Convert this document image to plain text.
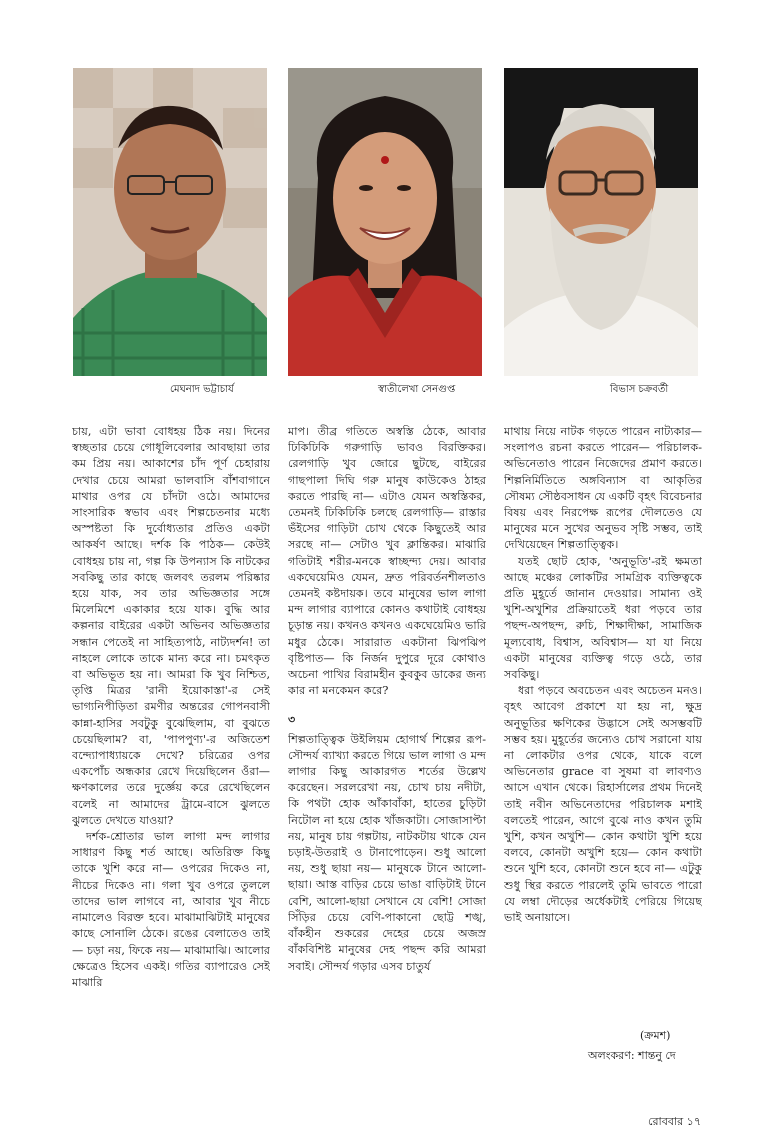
মেঘনাদ ভট্টাচার্য	স্বাতীলেখা সেনগুপ্ত	বিভাস চক্রবর্তী

চায়, এটা ভাবা বোধহয় ঠিক নয়। দিনের স্বচ্ছতার চেয়ে গোধূলিবেলার আবছায়া তার কম প্রিয় নয়। আকাশের চাঁদ পূর্ণ চেহারায় দেখার চেয়ে আমরা ভালবাসি বাঁশবাগানে মাথার ওপর যে চাঁদটা ওঠে। আমাদের সাংসারিক স্বভাব এবং শিল্পচেতনার মধ্যে অস্পষ্টতা কি দুর্বোধ্যতার প্রতিও একটা আকর্ষণ আছে। দর্শক কি পাঠক— কেউই বোধহয় চায় না, গল্প কি উপন্যাস কি নাটকের সবকিছু তার কাছে জলবৎ তরলম পরিষ্কার হয়ে যাক, সব তার অভিজ্ঞতার সঙ্গে মিলেমিশে একাকার হয়ে যাক। বুদ্ধি আর কল্পনার বাইরের একটা অভিনব অভিজ্ঞতার সন্ধান পেতেই না সাহিত্যপাঠ, নাট্যদর্শন! তা নাহলে লোকে তাকে মান্য করে না। চমৎকৃত বা অভিভূত হয় না। আমরা কি খুব নিশ্চিত, তৃপ্তি মিত্রর 'রানী ইয়োকাস্তা'-র সেই ভাগ্যনিপীড়িতা রমণীর অন্তরের গোপনবাসী কান্না-হাসির সবটুকু বুঝেছিলাম, বা বুঝতে চেয়েছিলাম? বা, 'পাপপুণ্য'-র অজিতেশ বন্দ্যোপাধ্যায়কে দেখে? চরিত্রের ওপর একপোঁচ অন্ধকার রেখে দিয়েছিলেন ওঁরা— ক্ষণকালের তরে দুর্জ্ঞেয় করে রেখেছিলেন বলেই না আমাদের ট্রামে-বাসে ঝুলতে ঝুলতে দেখতে যাওয়া?

দর্শক-শ্রোতার ভাল লাগা মন্দ লাগার সাধারণ কিছু শর্ত আছে। অতিরিক্ত কিছু তাকে খুশি করে না— ওপরের দিকেও না, নীচের দিকেও না। গলা খুব ওপরে তুললে তাদের ভাল লাগবে না, আবার খুব নীচে নামালেও বিরক্ত হবে। মাঝামাঝিটাই মানুষের কাছে সোনালি ঠেকে। রঙের বেলাতেও তাই— চড়া নয়, ফিকে নয়— মাঝামাঝি। আলোর ক্ষেত্রেও হিসেব একই। গতির ব্যাপারেও সেই মাঝারি

মাপ। তীব্র গতিতে অস্বস্তি ঠেকে, আবার ঢিকিঢিকি গরুগাড়ি ভাবও বিরক্তিকর। রেলগাড়ি খুব জোরে ছুটছে, বাইরের গাছপালা দিঘি গরু মানুষ কাউকেও ঠাহর করতে পারছি না— এটাও যেমন অস্বস্তিকর, তেমনই ঢিকিঢিকি চলছে রেলগাড়ি— রাস্তার ভঁইসের গাড়িটা চোখ থেকে কিছুতেই আর সরছে না— সেটাও খুব ক্লান্তিকর। মাঝারি গতিটাই শরীর-মনকে স্বাচ্ছন্দ্য দেয়। আবার একঘেয়েমিও যেমন, দ্রুত পরিবর্তনশীলতাও তেমনই কষ্টদায়ক। তবে মানুষের ভাল লাগা মন্দ লাগার ব্যাপারে কোনও কথাটাই বোধহয় চূড়ান্ত নয়। কখনও কখনও একঘেয়েমিও ভারি মধুর ঠেকে। সারারাত একটানা ঝিপঝিপ বৃষ্টিপাত— কি নির্জন দুপুরে দূরে কোথাও অচেনা পাখির বিরামহীন কুবকুব ডাকের জন্য কার না মনকেমন করে?

৩

শিল্পতাত্ত্বিক উইলিয়ম হোগার্থ শিল্পের রূপ-সৌন্দর্য ব্যাখ্যা করতে গিয়ে ভাল লাগা ও মন্দ লাগার কিছু আকারগত শর্তের উল্লেখ করেছেন। সরলরেখা নয়, চোখ চায় নদীটা, কি পথটা হোক আঁকাবাঁকা, হাতের চুড়িটা নিটোল না হয়ে হোক খাঁজকাটা। সোজাসাপ্টা নয়, মানুষ চায় গল্পটায়, নাটকটায় থাকে যেন চড়াই-উতরাই ও টানাপোড়েন। শুধু আলো নয়, শুধু ছায়া নয়— মানুষকে টানে আলো-ছায়া। আস্ত বাড়ির চেয়ে ভাঙা বাড়িটাই টানে বেশি, আলো-ছায়া সেখানে যে বেশি! সোজা সিঁড়ির চেয়ে বেণি-পাকানো ছোট্ট শঙ্খ, বাঁকহীন শুকরের দেহের চেয়ে অজস্র বাঁকবিশিষ্ট মানুষের দেহ পছন্দ করি আমরা সবাই। সৌন্দর্য গড়ার এসব চাতুর্য

মাথায় নিয়ে নাটক গড়তে পারেন নাট্যকার— সংলাপও রচনা করতে পারেন— পরিচালক-অভিনেতাও পারেন নিজেদের প্রমাণ করতে। শিল্পনির্মিতিতে অঙ্গবিন্যাস বা আকৃতির সৌষম্য সৌষ্ঠবসাধন যে একটি বৃহৎ বিবেচনার বিষয় এবং নিরপেক্ষ রূপের দৌলতেও যে মানুষের মনে সুখের অনুভব সৃষ্টি সম্ভব, তাই দেখিয়েছেন শিল্পতাত্ত্বিক।

যতই ছোট হোক, 'অনুভূতি'-রই ক্ষমতা আছে মঞ্চের লোকটির সামগ্রিক ব্যক্তিত্বকে প্রতি মুহূর্তে জানান দেওয়ার। সামান্য ওই খুশি-অখুশির প্রক্রিয়াতেই ধরা পড়বে তার পছন্দ-অপছন্দ, রুচি, শিক্ষাদীক্ষা, সামাজিক মূল্যবোধ, বিশ্বাস, অবিশ্বাস— যা যা নিয়ে একটা মানুষের ব্যক্তিত্ব গড়ে ওঠে, তার সবকিছু।

ধরা পড়বে অবচেতন এবং অচেতন মনও। বৃহৎ আবেগ প্রকাশে যা হয় না, ক্ষুদ্র অনুভূতির ক্ষণিকের উদ্ভাসে সেই অসম্ভবটি সম্ভব হয়। মুহূর্তের জন্যেও চোখ সরানো যায় না লোকটার ওপর থেকে, যাকে বলে অভিনেতার grace বা সুষমা বা লাবণ্যও আসে এখান থেকে। রিহার্সালের প্রথম দিনেই তাই নবীন অভিনেতাদের পরিচালক মশাই বলতেই পারেন, আগে বুঝে নাও কখন তুমি খুশি, কখন অখুশি— কোন কথাটা খুশি হয়ে বলবে, কোনটা অখুশি হয়ে— কোন কথাটা শুনে খুশি হবে, কোনটা শুনে হবে না— এটুকু শুধু স্থির করতে পারলেই তুমি ভাবতে পারো যে লম্বা দৌড়ের অর্ধেকটাই পেরিয়ে গিয়েছ ভাই অনায়াসে।

(ক্রমশ)
অলংকরণ: শান্তনু দে
রোববার ১৭
